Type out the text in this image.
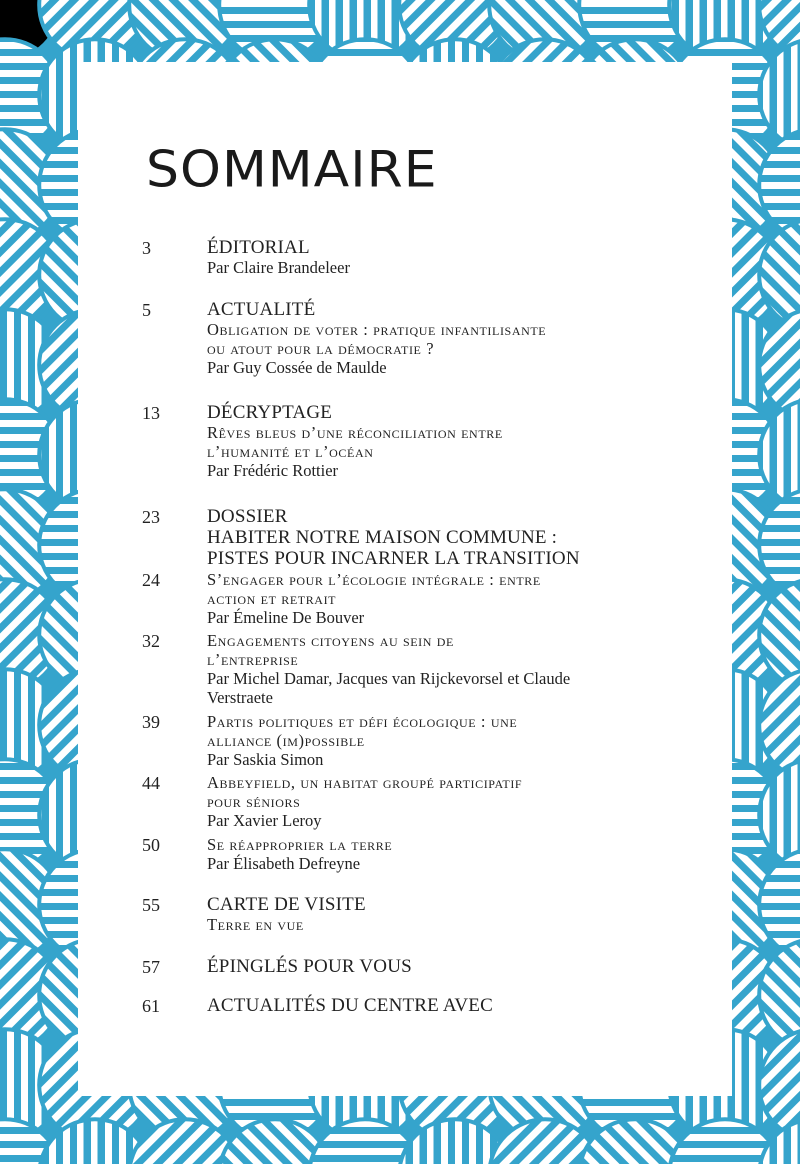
SOMMAIRE
3	ÉDITORIAL
Par Claire Brandeleer
5	ACTUALITÉ
Obligation de voter : pratique infantilisante
ou atout pour la démocratie ?
Par Guy Cossée de Maulde
13 DÉCRYPTAGE
Rêves bleus d’une réconciliation entre
l’humanité et l’océan
Par Frédéric Rottier
23 DOSSIER
HABITER NOTRE MAISON COMMUNE :
PISTES POUR INCARNER LA TRANSITION
24	S’engager pour l’écologie intégrale : entre
action et retrait
Par Émeline De Bouver
32	Engagements citoyens au sein de
l’entreprise
Par Michel Damar, Jacques van Rijckevorsel et Claude
Verstraete
39	Partis politiques et défi écologique : une
alliance (im)possible
Par Saskia Simon
44	Abbeyfield, un habitat groupé participatif
pour séniors
Par Xavier Leroy
50	Se réapproprier la terre
Par Élisabeth Defreyne
55 CARTE DE VISITE
Terre en vue
57 ÉPINGLÉS POUR VOUS
61 ACTUALITÉS DU CENTRE AVEC
